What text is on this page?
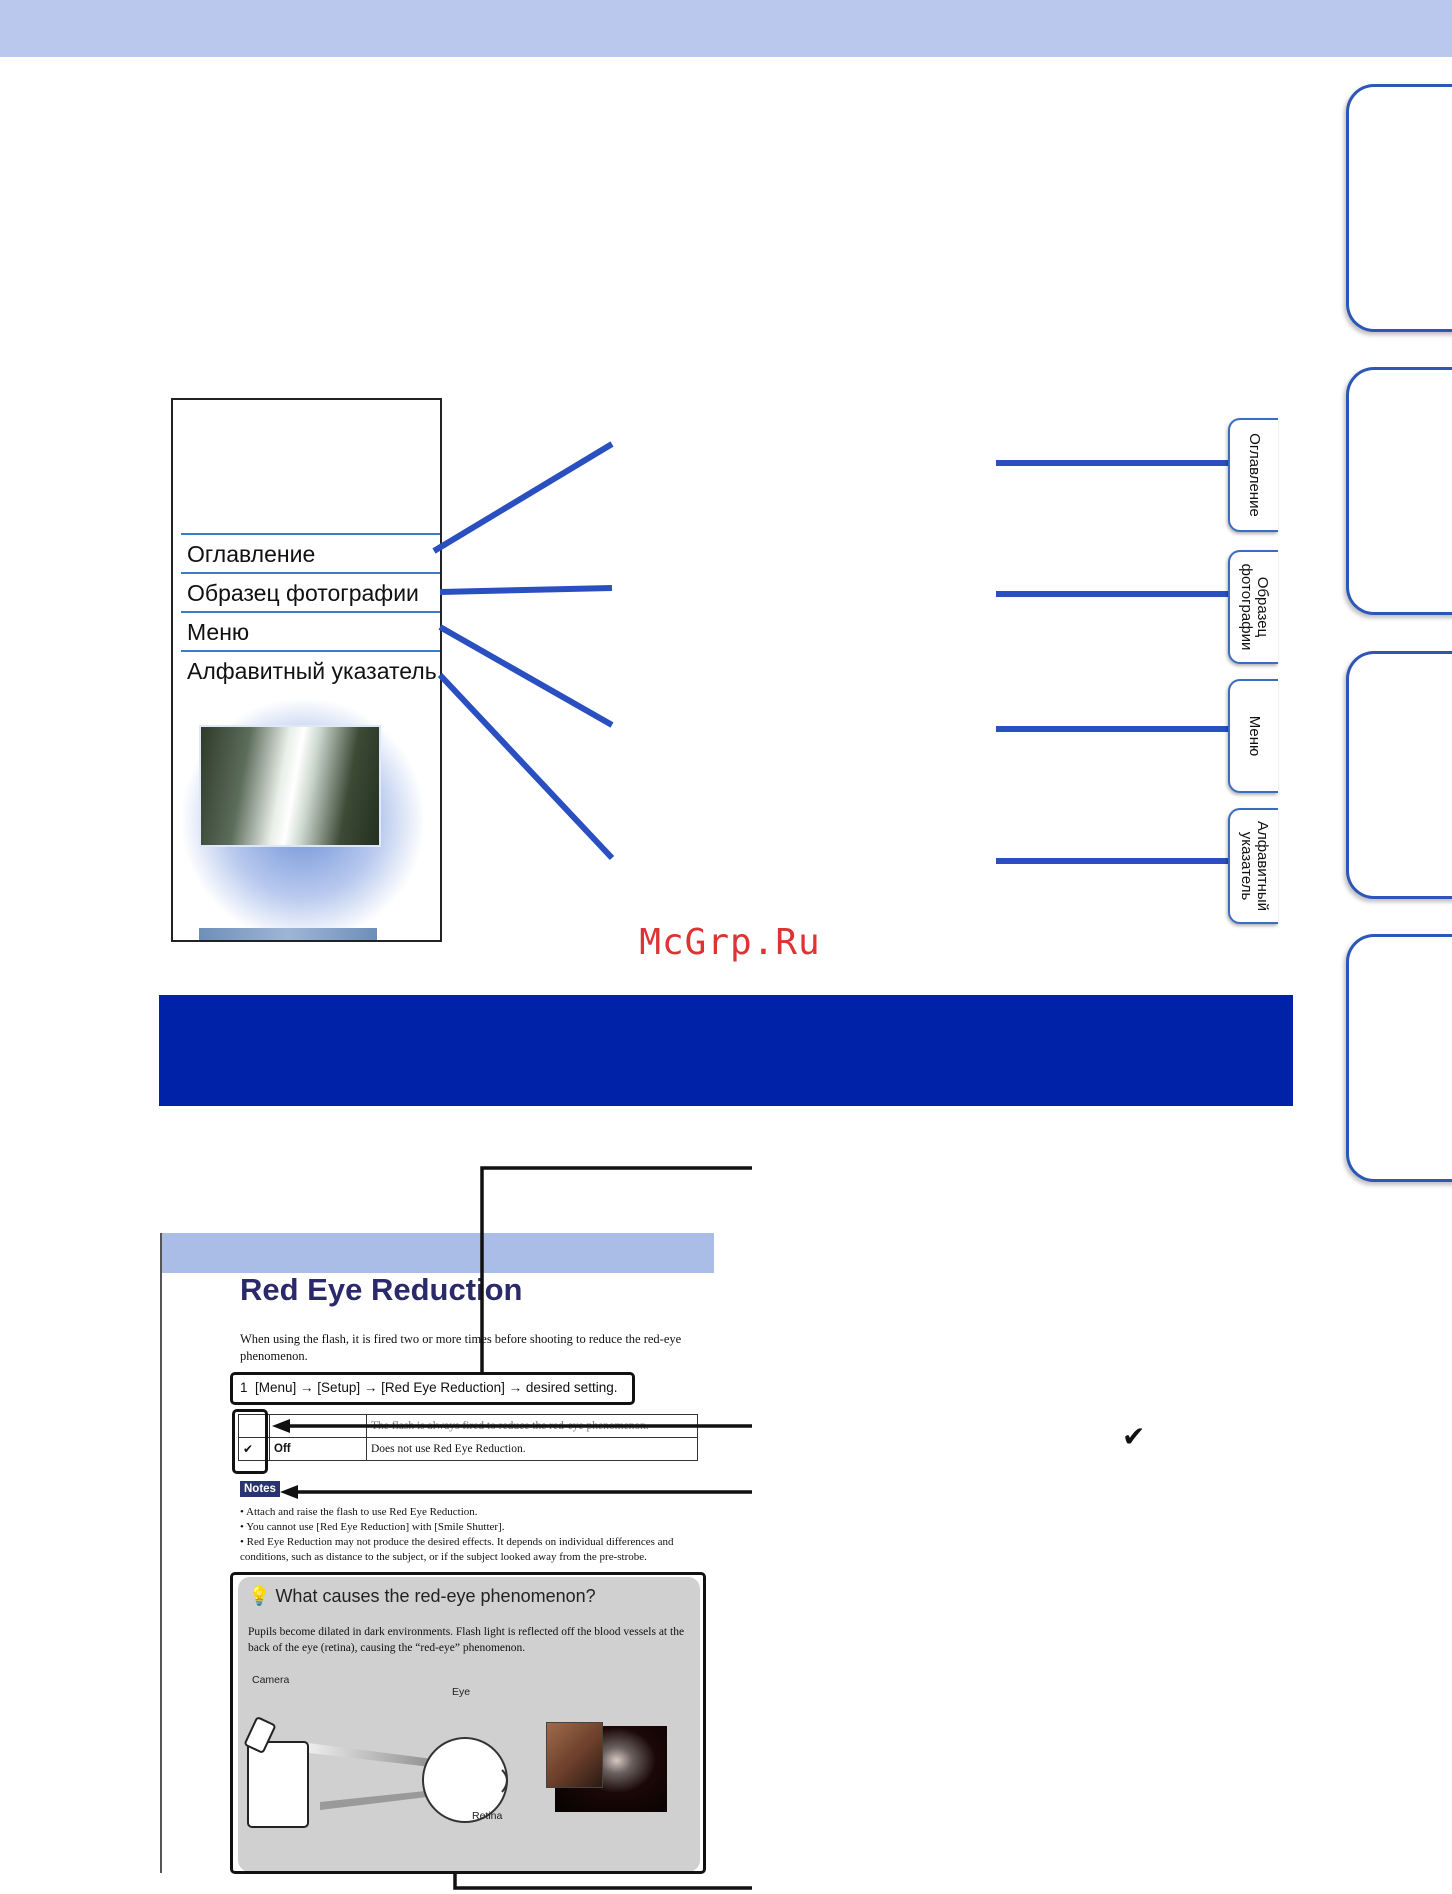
Оглавление
Образец фотографии
Меню
Алфавитный указатель
Оглавление
Образец фотографии
Меню
Алфавитный указатель
McGrp.Ru
Red Eye Reduction
When using the flash, it is fired two or more times before shooting to reduce the red-eye phenomenon.
1 [Menu] → [Setup] → [Red Eye Reduction] → desired setting.
		The flash is always fired to reduce the red-eye phenomenon.
✔	Off	Does not use Red Eye Reduction.
Notes
• Attach and raise the flash to use Red Eye Reduction.
• You cannot use [Red Eye Reduction] with [Smile Shutter].
• Red Eye Reduction may not produce the desired effects. It depends on individual differences and conditions, such as distance to the subject, or if the subject looked away from the pre-strobe.
💡 What causes the red-eye phenomenon?
Pupils become dilated in dark environments. Flash light is reflected off the blood vessels at the back of the eye (retina), causing the “red-eye” phenomenon.
Camera
Eye
Retina
✔
